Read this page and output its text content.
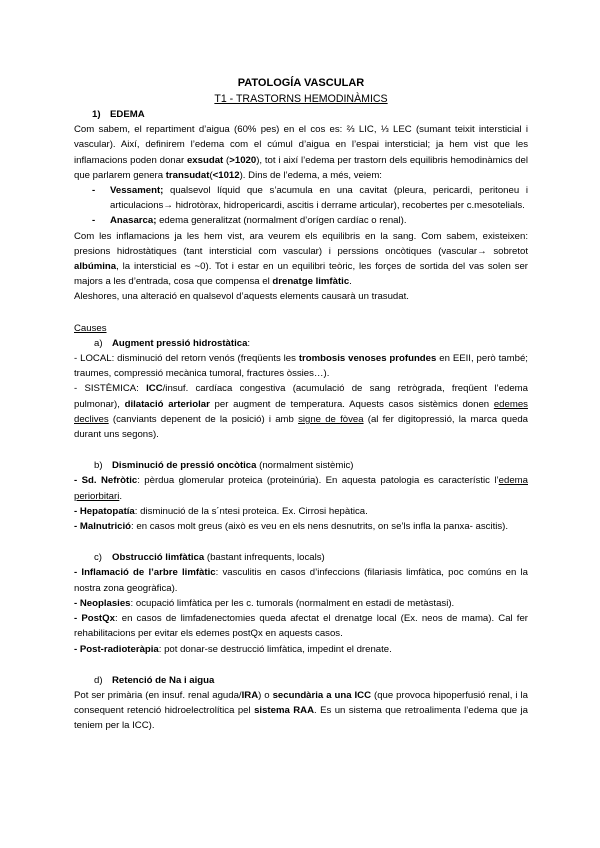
PATOLOGÍA VASCULAR
T1 - TRASTORNS HEMODINÀMICS
1) EDEMA

Com sabem, el repartiment d’aigua (60% pes) en el cos es: ⅔ LIC, ⅓ LEC (sumant teixit intersticial i vascular). Així, definirem l’edema com el cúmul d’aigua en l’espai intersticial; ja hem vist que les inflamacions poden donar exsudat (>1020), tot i així l’edema per trastorn dels equilibris hemodinàmics del que parlarem genera transudat(<1012). Dins de l’edema, a més, veiem:

-	Vessament; qualsevol líquid que s’acumula en una cavitat (pleura, pericardi, peritoneu i articulacions→ hidrotòrax, hidropericardi, ascitis i derrame articular), recobertes per c.mesotelials.
-	Anasarca; edema generalitzat (normalment d’orígen cardíac o renal).

Com les inflamacions ja les hem vist, ara veurem els equilibris en la sang. Com sabem, existeixen: presions hidrostàtiques (tant intersticial com vascular) i perssions oncòtiques (vascular→ sobretot albúmina, la intersticial es ~0). Tot i estar en un equilibri teòric, les forçes de sortida del vas solen ser majors a les d’entrada, cosa que compensa el drenatge limfàtic.

Aleshores, una alteració en qualsevol d’aquests elements causarà un trasudat.

Causes
a) Augment pressió hidrostàtica:

- LOCAL: disminució del retorn venós (freqüents les trombosis venoses profundes en EEII, però també; traumes, compressió mecànica tumoral, fractures òssies…).

- SISTÈMICA: ICC/insuf. cardíaca congestiva (acumulació de sang retrògrada, freqüent l’edema pulmonar), dilatació arteriolar per augment de temperatura. Aquests casos sistèmics donen edemes declives (canviants depenent de la posició) i amb signe de fòvea (al fer digitopressió, la marca queda durant uns segons).

b) Disminució de pressió oncòtica (normalment sistèmic)

- Sd. Nefròtic: pèrdua glomerular proteica (proteinúria). En aquesta patologia es característic l’edema periorbitari.

- Hepatopatía: disminució de la s´ntesi proteica. Ex. Cirrosi hepàtica.

- Malnutrició: en casos molt greus (això es veu en els nens desnutrits, on se’ls infla la panxa- ascitis).

c) Obstrucció limfàtica (bastant infrequents, locals)

- Inflamació de l’arbre limfàtic: vasculitis en casos d’infeccions (filariasis limfàtica, poc comúns en la nostra zona geogràfica).

- Neoplasies: ocupació limfàtica per les c. tumorals (normalment en estadi de metàstasi).

- PostQx: en casos de limfadenectomies queda afectat el drenatge local (Ex. neos de mama). Cal fer rehabilitacions per evitar els edemes postQx en aquests casos.

- Post-radioteràpia: pot donar-se destrucció limfàtica, impedint el drenate.

d) Retenció de Na i aigua

Pot ser primària (en insuf. renal aguda/IRA) o secundària a una ICC (que provoca hipoperfusió renal, i la consequent retenció hidroelectrolítica pel sistema RAA. Es un sistema que retroalimenta l’edema que ja teniem per la ICC).
